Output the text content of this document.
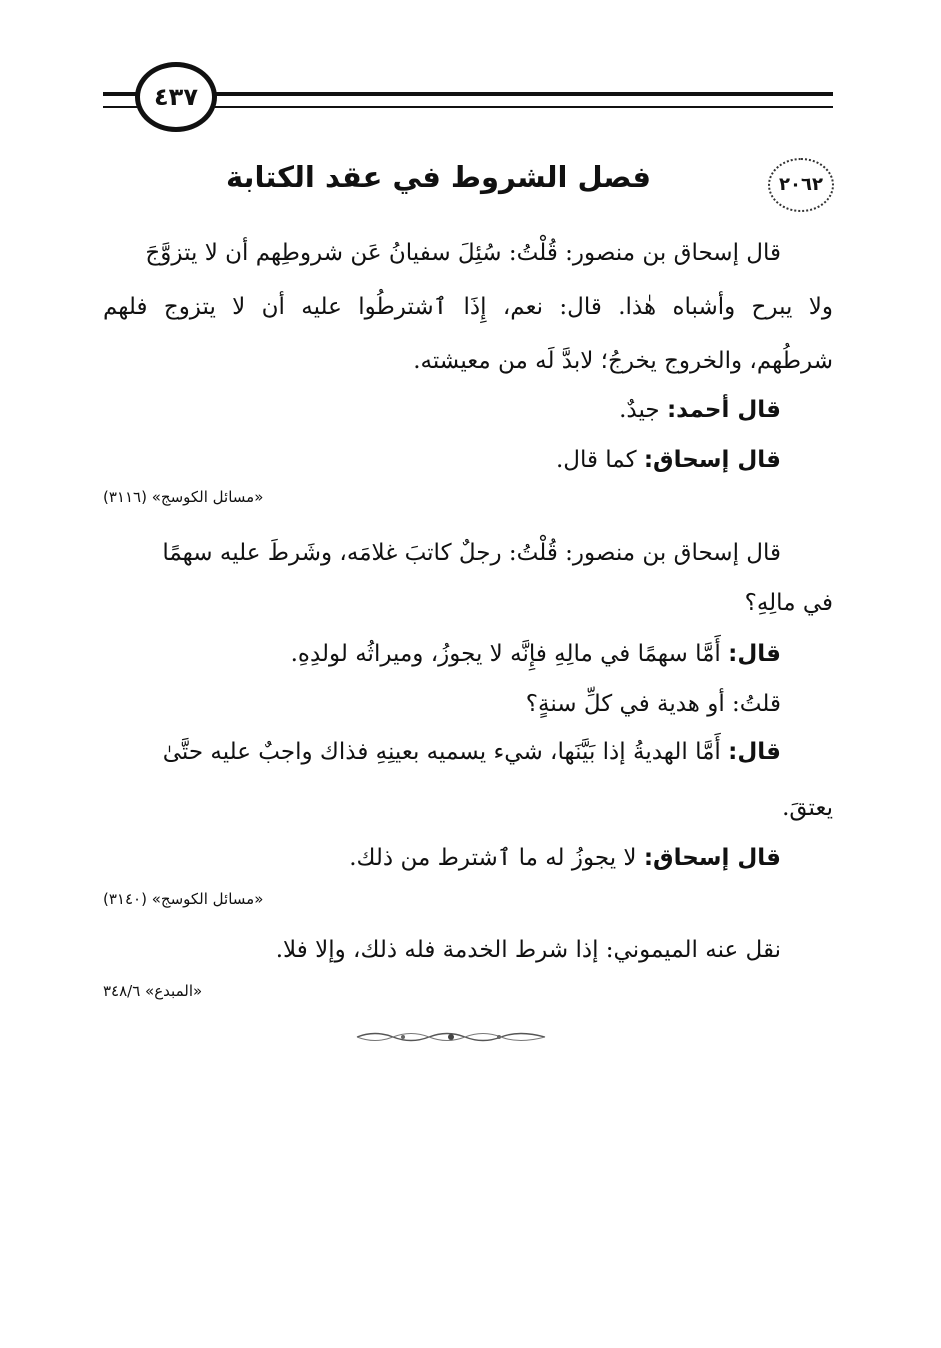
٤٣٧
٢٠٦٢
فصل الشروط في عقد الكتابة
قال إسحاق بن منصور: قُلْتُ: سُئِلَ سفيانُ عَن شروطِهم أن لا يتزوَّجَ
ولا يبرح وأشباه هٰذا. قال: نعم، إِذَا ٱشترطُوا عليه أن لا يتزوج فلهم
شرطُهم، والخروج يخرجُ؛ لابدَّ لَه من معيشته.
قال أحمد: جيدٌ.
قال إسحاق: كما قال.
«مسائل الكوسج» (٣١١٦)
قال إسحاق بن منصور: قُلْتُ: رجلٌ كاتبَ غلامَه، وشَرطَ عليه سهمًا
في مالِهِ؟
قال: أَمَّا سهمًا في مالِهِ فإِنَّه لا يجوزُ، وميراثُه لولدِهِ.
قلتُ: أو هدية في كلِّ سنةٍ؟
قال: أَمَّا الهديةُ إذا بَيَّنَها، شيء يسميه بعينِهِ فذاك واجبٌ عليه حتَّىٰ
يعتقَ.
قال إسحاق: لا يجوزُ له ما ٱشترط من ذلك.
«مسائل الكوسج» (٣١٤٠)
نقل عنه الميموني: إذا شرط الخدمة فله ذلك، وإلا فلا.
«المبدع» ٣٤٨/٦
